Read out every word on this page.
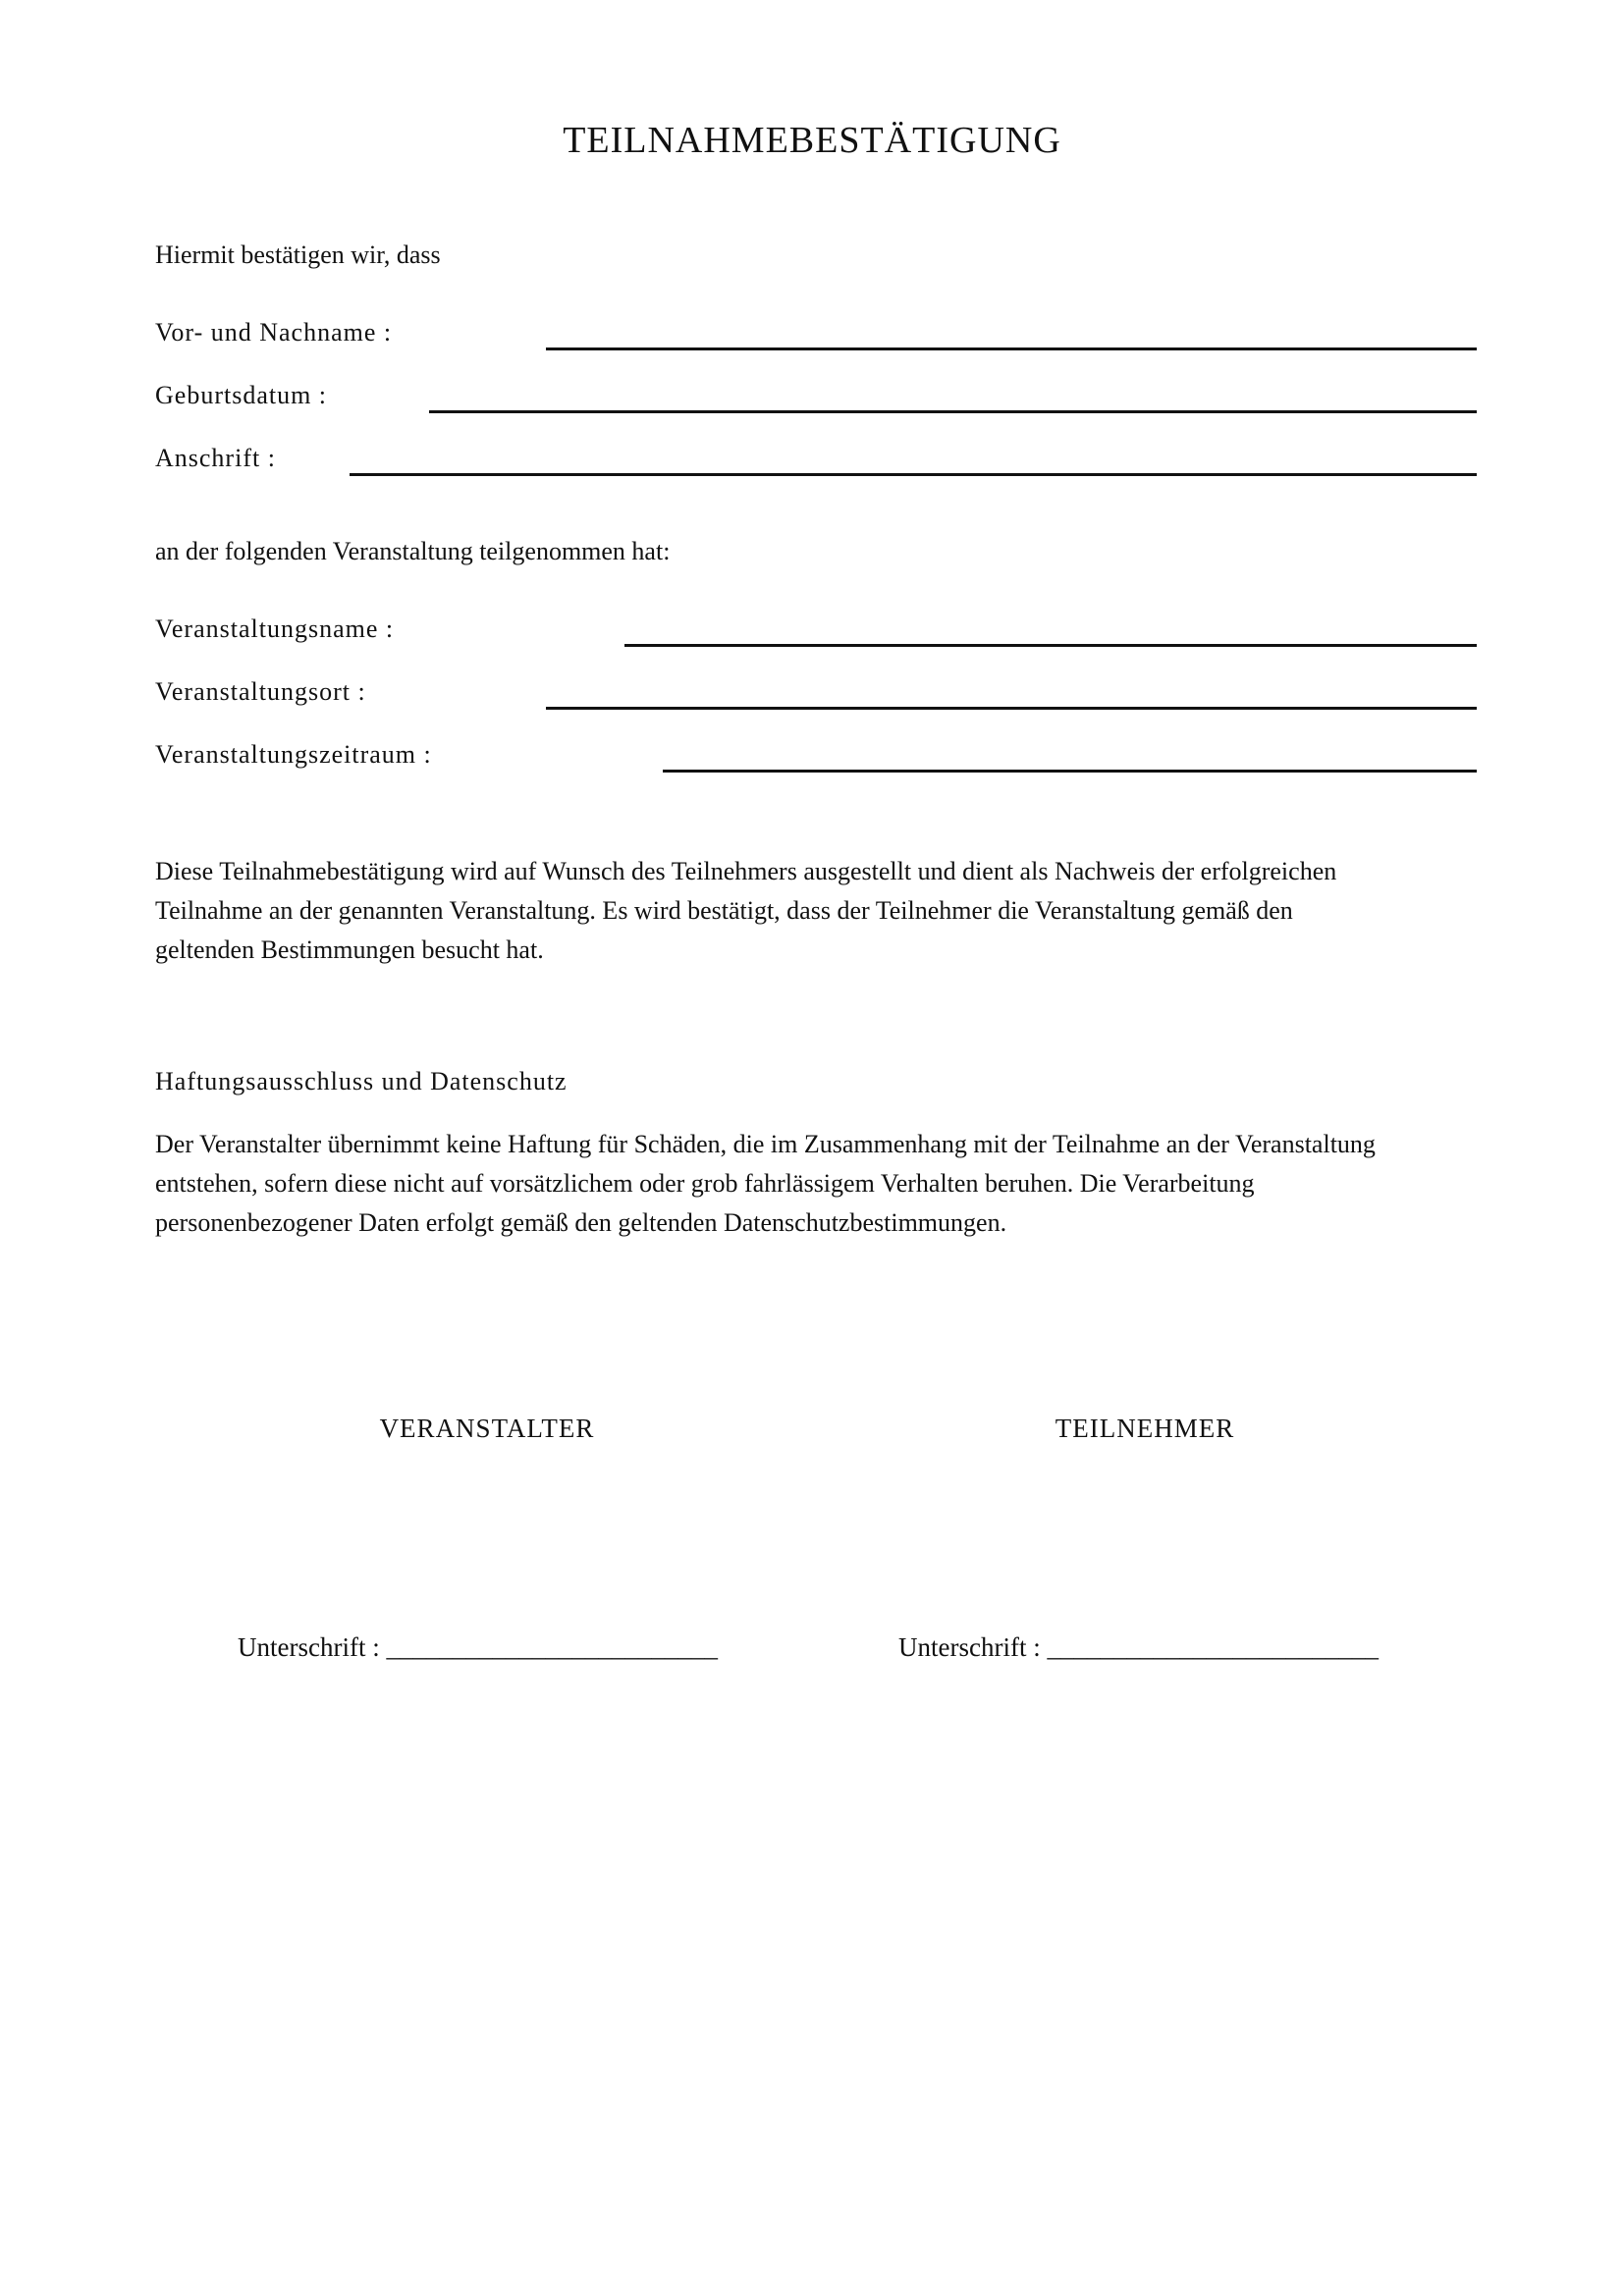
TEILNAHMEBESTÄTIGUNG
Hiermit bestätigen wir, dass
Vor- und Nachname :
Geburtsdatum :
Anschrift :
an der folgenden Veranstaltung teilgenommen hat:
Veranstaltungsname :
Veranstaltungsort :
Veranstaltungszeitraum :

Diese Teilnahmebestätigung wird auf Wunsch des Teilnehmers ausgestellt und dient als Nachweis der erfolgreichen

Teilnahme an der genannten Veranstaltung. Es wird bestätigt, dass der Teilnehmer die Veranstaltung gemäß den

geltenden Bestimmungen besucht hat.

Haftungsausschluss und Datenschutz

Der Veranstalter übernimmt keine Haftung für Schäden, die im Zusammenhang mit der Teilnahme an der Veranstaltung

entstehen, sofern diese nicht auf vorsätzlichem oder grob fahrlässigem Verhalten beruhen. Die Verarbeitung

personenbezogener Daten erfolgt gemäß den geltenden Datenschutzbestimmungen.

VERANSTALTER	TEILNEHMER
Unterschrift : _________________________	Unterschrift : _________________________
